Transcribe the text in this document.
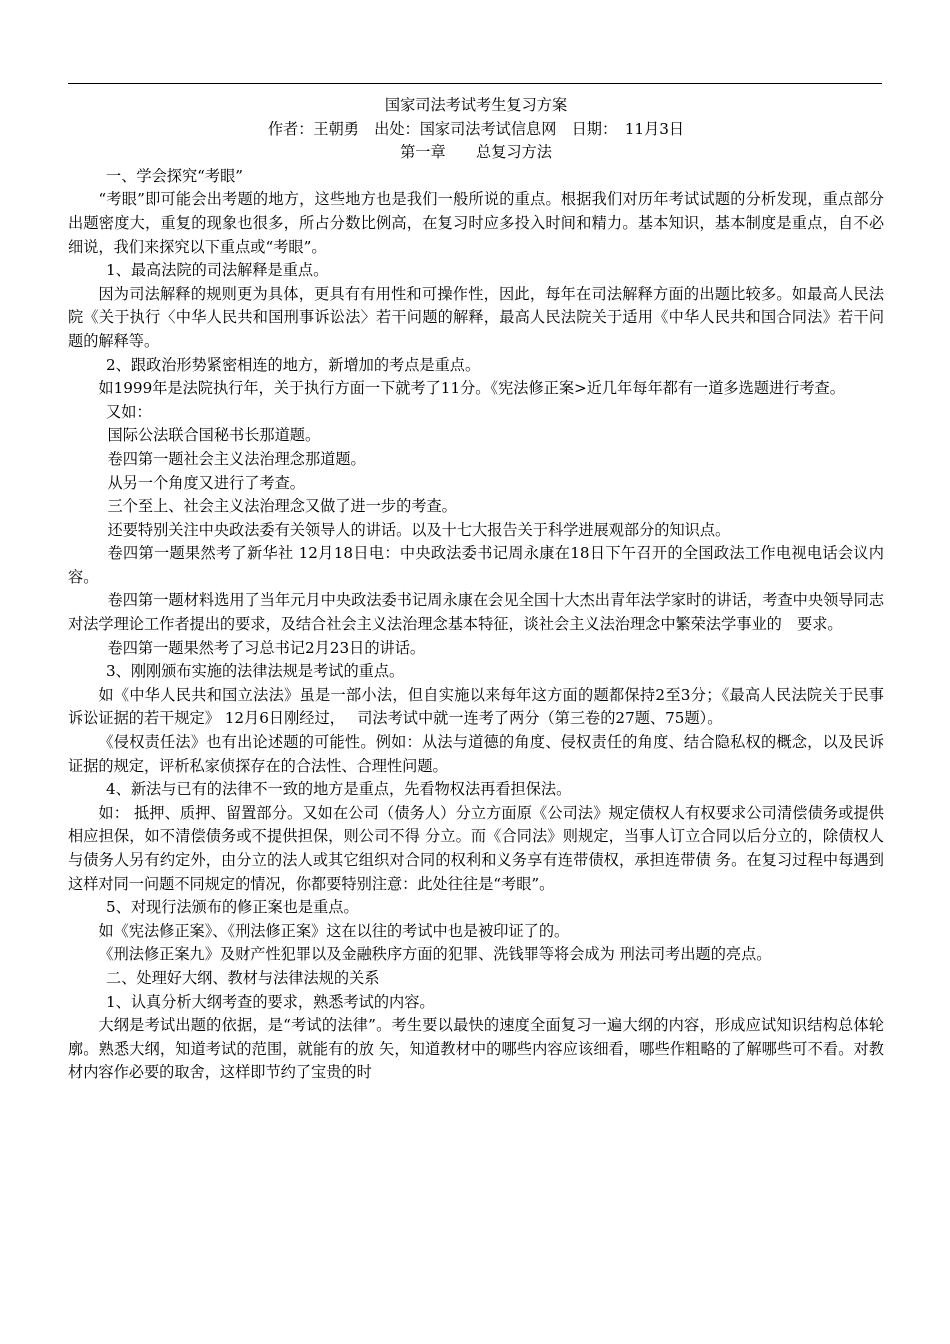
国家司法考试考生复习方案

作者：王朝勇　出处：国家司法考试信息网　日期：　11月3日

第一章　　总复习方法

一、学会探究“考眼”

“考眼”即可能会出考题的地方，这些地方也是我们一般所说的重点。根据我们对历年考试试题的分析发现，重点部分出题密度大，重复的现象也很多，所占分数比例高，在复习时应多投入时间和精力。基本知识，基本制度是重点，自不必细说，我们来探究以下重点或“考眼”。

1、最高法院的司法解释是重点。

因为司法解释的规则更为具体，更具有有用性和可操作性，因此，每年在司法解释方面的出题比较多。如最高人民法院《关于执行〈中华人民共和国刑事诉讼法〉若干问题的解释，最高人民法院关于适用《中华人民共和国合同法》若干问题的解释等。

2、跟政治形势紧密相连的地方，新增加的考点是重点。

如1999年是法院执行年，关于执行方面一下就考了11分。《宪法修正案>近几年每年都有一道多选题进行考查。

又如：

国际公法联合国秘书长那道题。

卷四第一题社会主义法治理念那道题。

从另一个角度又进行了考查。

三个至上、社会主义法治理念又做了进一步的考查。

还要特别关注中央政法委有关领导人的讲话。以及十七大报告关于科学进展观部分的知识点。

卷四第一题果然考了新华社 12月18日电：中央政法委书记周永康在18日下午召开的全国政法工作电视电话会议内容。

卷四第一题材料选用了当年元月中央政法委书记周永康在会见全国十大杰出青年法学家时的讲话，考查中央领导同志对法学理论工作者提出的要求，及结合社会主义法治理念基本特征，谈社会主义法治理念中繁荣法学事业的　要求。

卷四第一题果然考了习总书记2月23日的讲话。

3、刚刚颁布实施的法律法规是考试的重点。

如《中华人民共和国立法法》虽是一部小法，但自实施以来每年这方面的题都保持2至3分；《最高人民法院关于民事诉讼证据的若干规定》 12月6日刚经过，　 司法考试中就一连考了两分（第三卷的27题、75题）。

《侵权责任法》也有出论述题的可能性。例如：从法与道德的角度、侵权责任的角度、结合隐私权的概念，以及民诉证据的规定，评析私家侦探存在的合法性、合理性问题。

4、新法与已有的法律不一致的地方是重点，先看物权法再看担保法。

如： 抵押、质押、留置部分。又如在公司（债务人）分立方面原《公司法》规定债权人有权要求公司清偿债务或提供相应担保，如不清偿债务或不提供担保，则公司不得 分立。而《合同法》则规定，当事人订立合同以后分立的，除债权人与债务人另有约定外，由分立的法人或其它组织对合同的权利和义务享有连带债权，承担连带债 务。在复习过程中每遇到这样对同一问题不同规定的情况，你都要特别注意：此处往往是“考眼”。

5、对现行法颁布的修正案也是重点。

如《宪法修正案》、《刑法修正案》这在以往的考试中也是被印证了的。

《刑法修正案九》及财产性犯罪以及金融秩序方面的犯罪、洗钱罪等将会成为 刑法司考出题的亮点。

二、处理好大纲、教材与法律法规的关系

1、认真分析大纲考查的要求，熟悉考试的内容。

大纲是考试出题的依据，是“考试的法律”。考生要以最快的速度全面复习一遍大纲的内容，形成应试知识结构总体轮廓。熟悉大纲，知道考试的范围，就能有的放 矢，知道教材中的哪些内容应该细看，哪些作粗略的了解哪些可不看。对教材内容作必要的取舍，这样即节约了宝贵的时
